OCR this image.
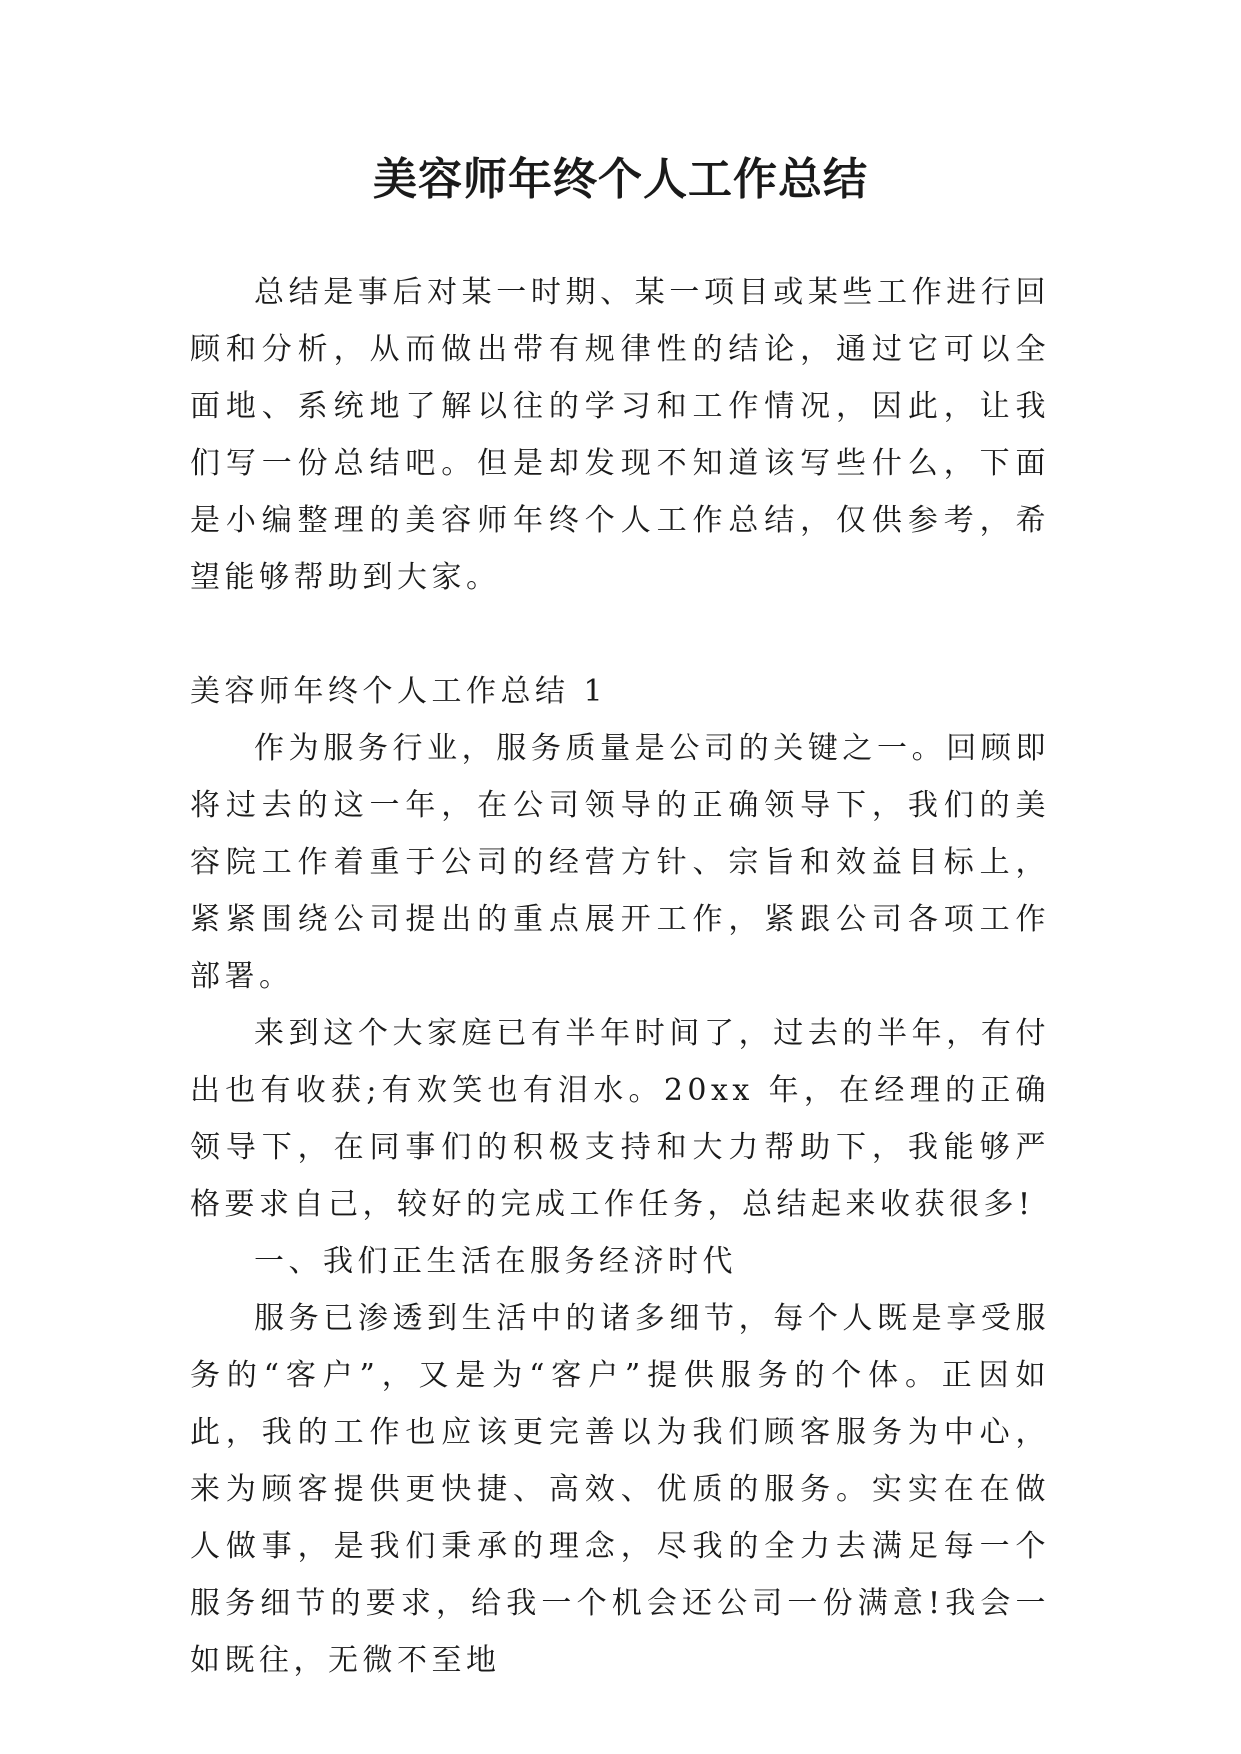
美容师年终个人工作总结

总结是事后对某一时期、某一项目或某些工作进行回顾和分析，从而做出带有规律性的结论，通过它可以全面地、系统地了解以往的学习和工作情况，因此，让我们写一份总结吧。但是却发现不知道该写些什么，下面是小编整理的美容师年终个人工作总结，仅供参考，希望能够帮助到大家。

美容师年终个人工作总结 1

作为服务行业，服务质量是公司的关键之一。回顾即将过去的这一年，在公司领导的正确领导下，我们的美容院工作着重于公司的经营方针、宗旨和效益目标上，紧紧围绕公司提出的重点展开工作，紧跟公司各项工作部署。

来到这个大家庭已有半年时间了，过去的半年，有付出也有收获;有欢笑也有泪水。20xx 年，在经理的正确领导下，在同事们的积极支持和大力帮助下，我能够严格要求自己，较好的完成工作任务，总结起来收获很多!

一、我们正生活在服务经济时代

服务已渗透到生活中的诸多细节，每个人既是享受服务的“客户”，又是为“客户”提供服务的个体。正因如此，我的工作也应该更完善以为我们顾客服务为中心，来为顾客提供更快捷、高效、优质的服务。实实在在做人做事，是我们秉承的理念，尽我的全力去满足每一个服务细节的要求，给我一个机会还公司一份满意!我会一如既往，无微不至地
